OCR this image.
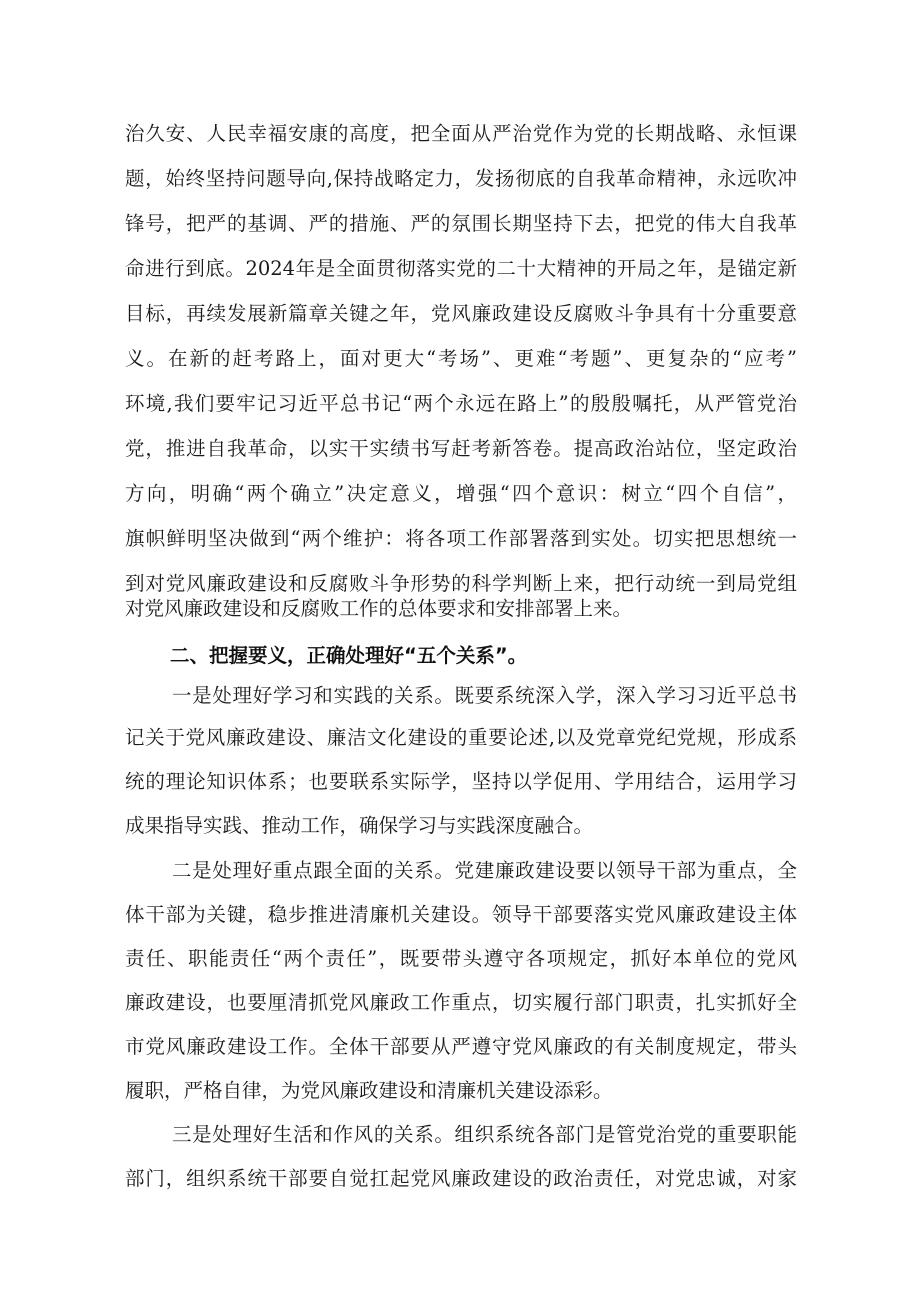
治久安、人民幸福安康的高度，把全面从严治党作为党的长期战略、永恒课
题，始终坚持问题导向,保持战略定力，发扬彻底的自我革命精神，永远吹冲
锋号，把严的基调、严的措施、严的氛围长期坚持下去，把党的伟大自我革
命进行到底。2024年是全面贯彻落实党的二十大精神的开局之年，是锚定新
目标，再续发展新篇章关键之年，党风廉政建设反腐败斗争具有十分重要意
义。在新的赶考路上，面对更大“考场”、更难“考题”、更复杂的“应考”
环境,我们要牢记习近平总书记“两个永远在路上”的殷殷嘱托，从严管党治
党，推进自我革命，以实干实绩书写赶考新答卷。提高政治站位，坚定政治
方向，明确“两个确立”决定意义，增强“四个意识：树立“四个自信”，
旗帜鲜明坚决做到“两个维护：将各项工作部署落到实处。切实把思想统一
到对党风廉政建设和反腐败斗争形势的科学判断上来，把行动统一到局党组
对党风廉政建设和反腐败工作的总体要求和安排部署上来。
二、把握要义，正确处理好“五个关系”。
一是处理好学习和实践的关系。既要系统深入学，深入学习习近平总书
记关于党风廉政建设、廉洁文化建设的重要论述,以及党章党纪党规，形成系
统的理论知识体系；也要联系实际学，坚持以学促用、学用结合，运用学习
成果指导实践、推动工作，确保学习与实践深度融合。
二是处理好重点跟全面的关系。党建廉政建设要以领导干部为重点，全
体干部为关键，稳步推进清廉机关建设。领导干部要落实党风廉政建设主体
责任、职能责任“两个责任”，既要带头遵守各项规定，抓好本单位的党风
廉政建设，也要厘清抓党风廉政工作重点，切实履行部门职责，扎实抓好全
市党风廉政建设工作。全体干部要从严遵守党风廉政的有关制度规定，带头
履职，严格自律，为党风廉政建设和清廉机关建设添彩。
三是处理好生活和作风的关系。组织系统各部门是管党治党的重要职能
部门，组织系统干部要自觉扛起党风廉政建设的政治责任，对党忠诚，对家
